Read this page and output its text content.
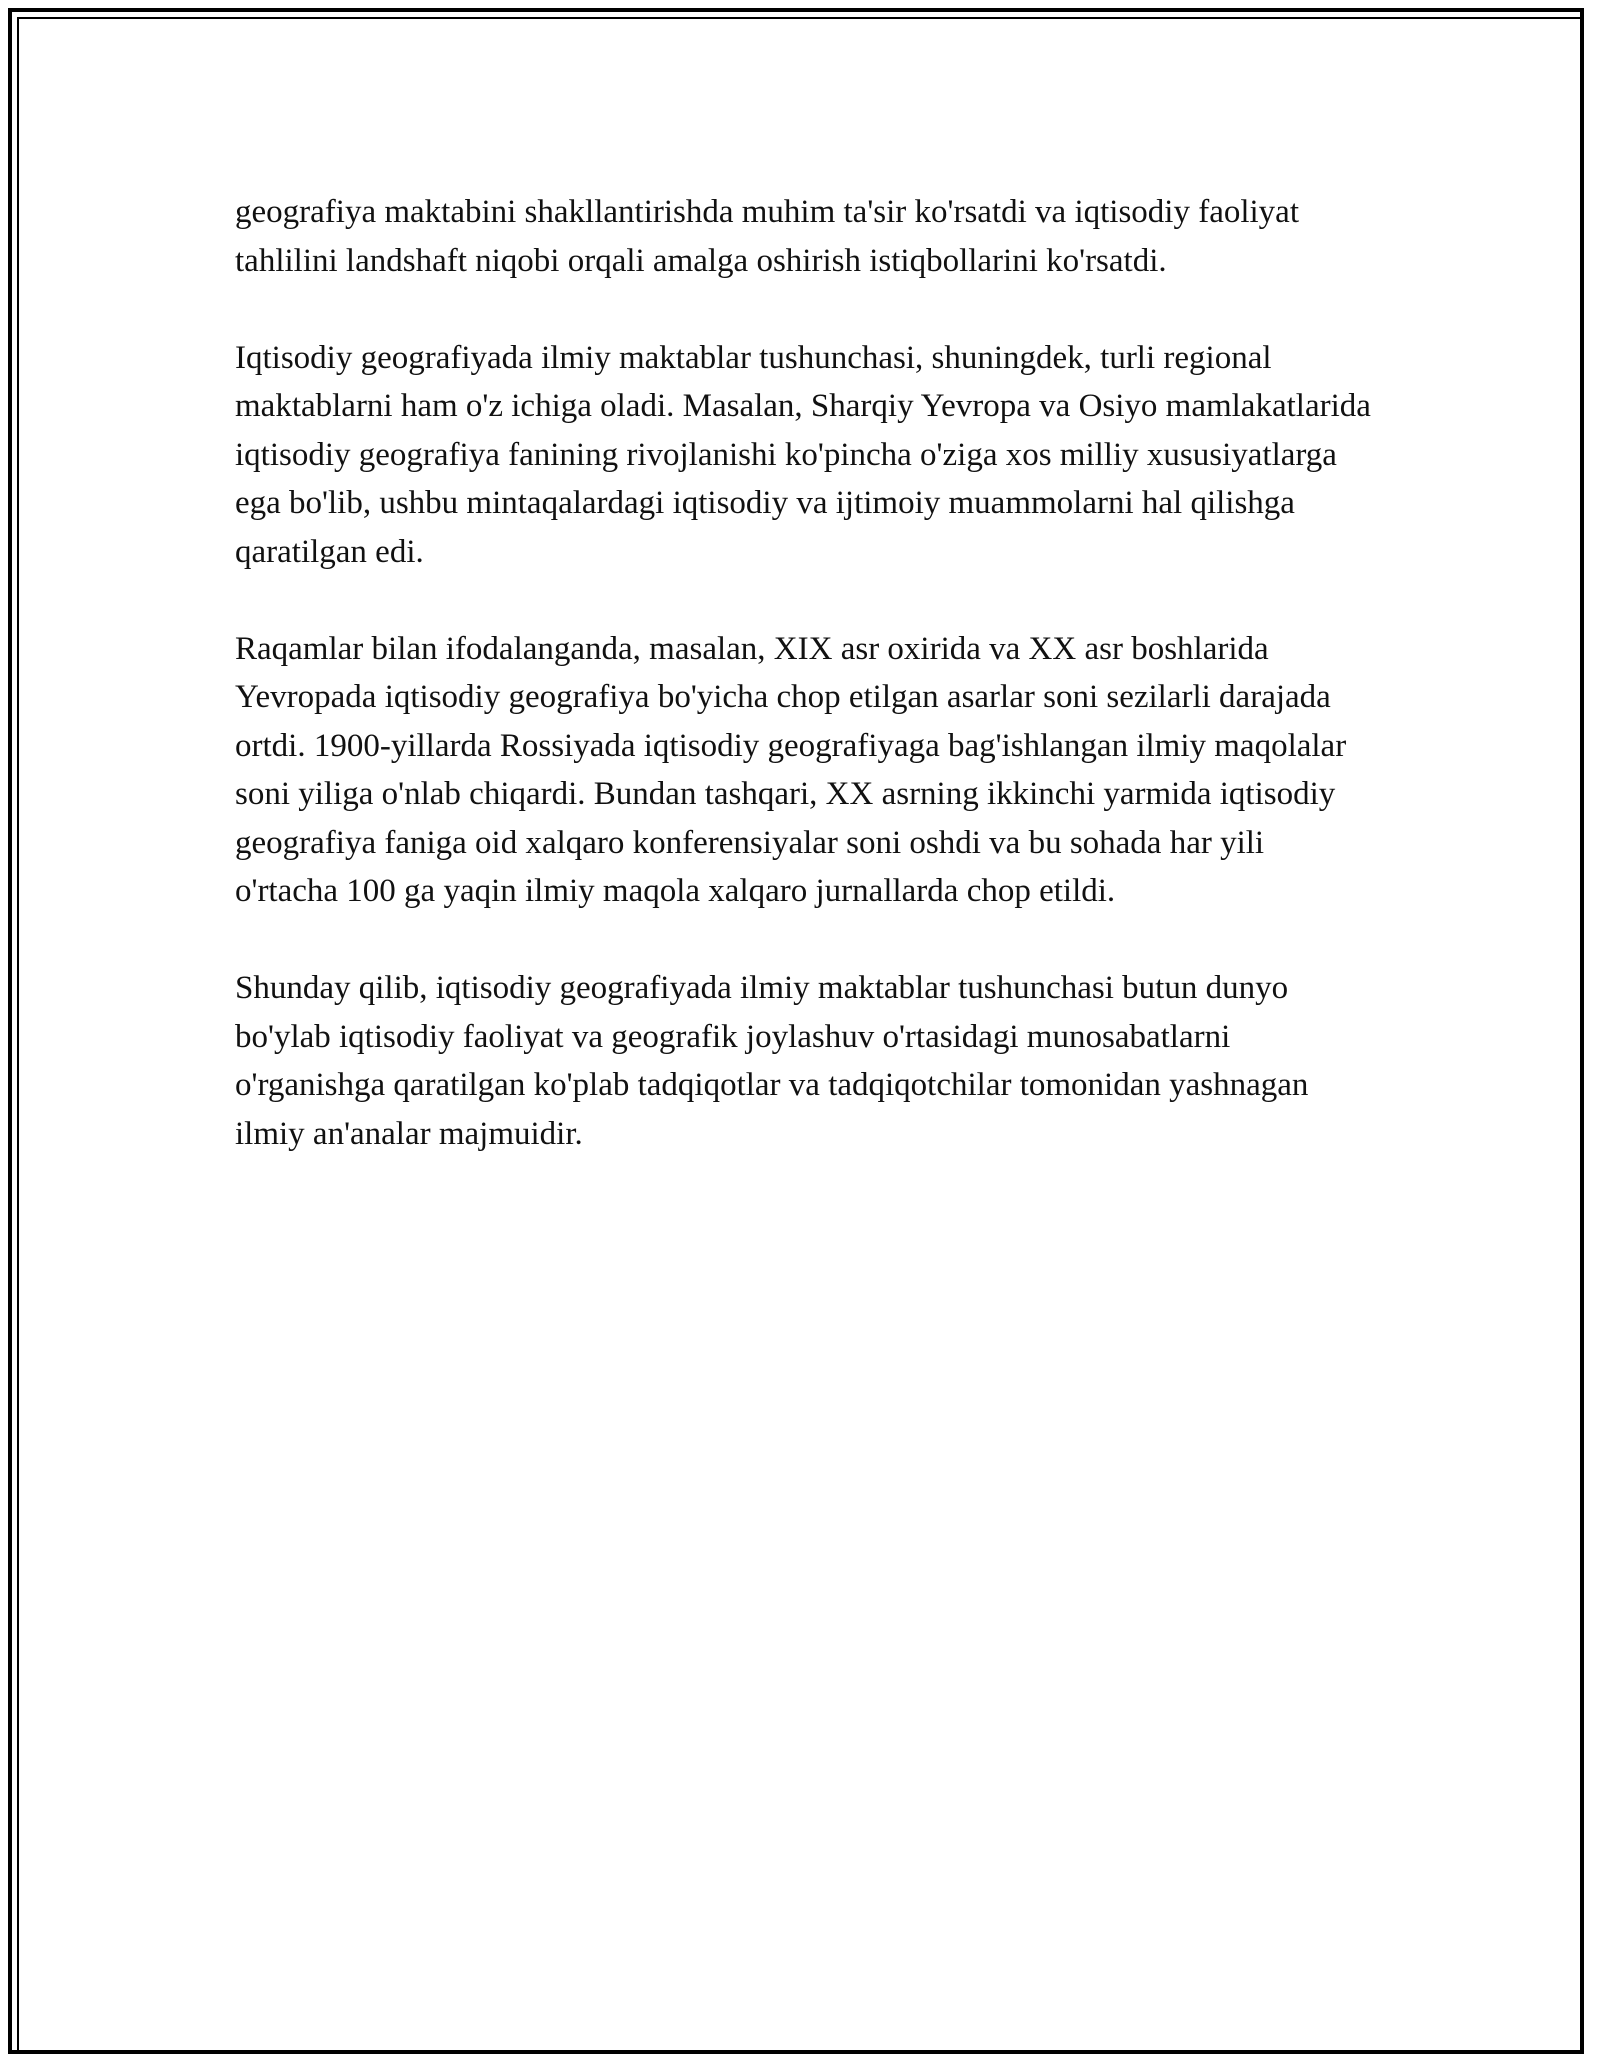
geografiya maktabini shakllantirishda muhim ta'sir ko'rsatdi va iqtisodiy faoliyat tahlilini landshaft niqobi orqali amalga oshirish istiqbollarini ko'rsatdi.

Iqtisodiy geografiyada ilmiy maktablar tushunchasi, shuningdek, turli regional maktablarni ham o'z ichiga oladi. Masalan, Sharqiy Yevropa va Osiyo mamlakatlarida iqtisodiy geografiya fanining rivojlanishi ko'pincha o'ziga xos milliy xususiyatlarga ega bo'lib, ushbu mintaqalardagi iqtisodiy va ijtimoiy muammolarni hal qilishga qaratilgan edi.

Raqamlar bilan ifodalanganda, masalan, XIX asr oxirida va XX asr boshlarida Yevropada iqtisodiy geografiya bo'yicha chop etilgan asarlar soni sezilarli darajada ortdi. 1900-yillarda Rossiyada iqtisodiy geografiyaga bag'ishlangan ilmiy maqolalar soni yiliga o'nlab chiqardi. Bundan tashqari, XX asrning ikkinchi yarmida iqtisodiy geografiya faniga oid xalqaro konferensiyalar soni oshdi va bu sohada har yili o'rtacha 100 ga yaqin ilmiy maqola xalqaro jurnallarda chop etildi.

Shunday qilib, iqtisodiy geografiyada ilmiy maktablar tushunchasi butun dunyo bo'ylab iqtisodiy faoliyat va geografik joylashuv o'rtasidagi munosabatlarni o'rganishga qaratilgan ko'plab tadqiqotlar va tadqiqotchilar tomonidan yashnagan ilmiy an'analar majmuidir.
